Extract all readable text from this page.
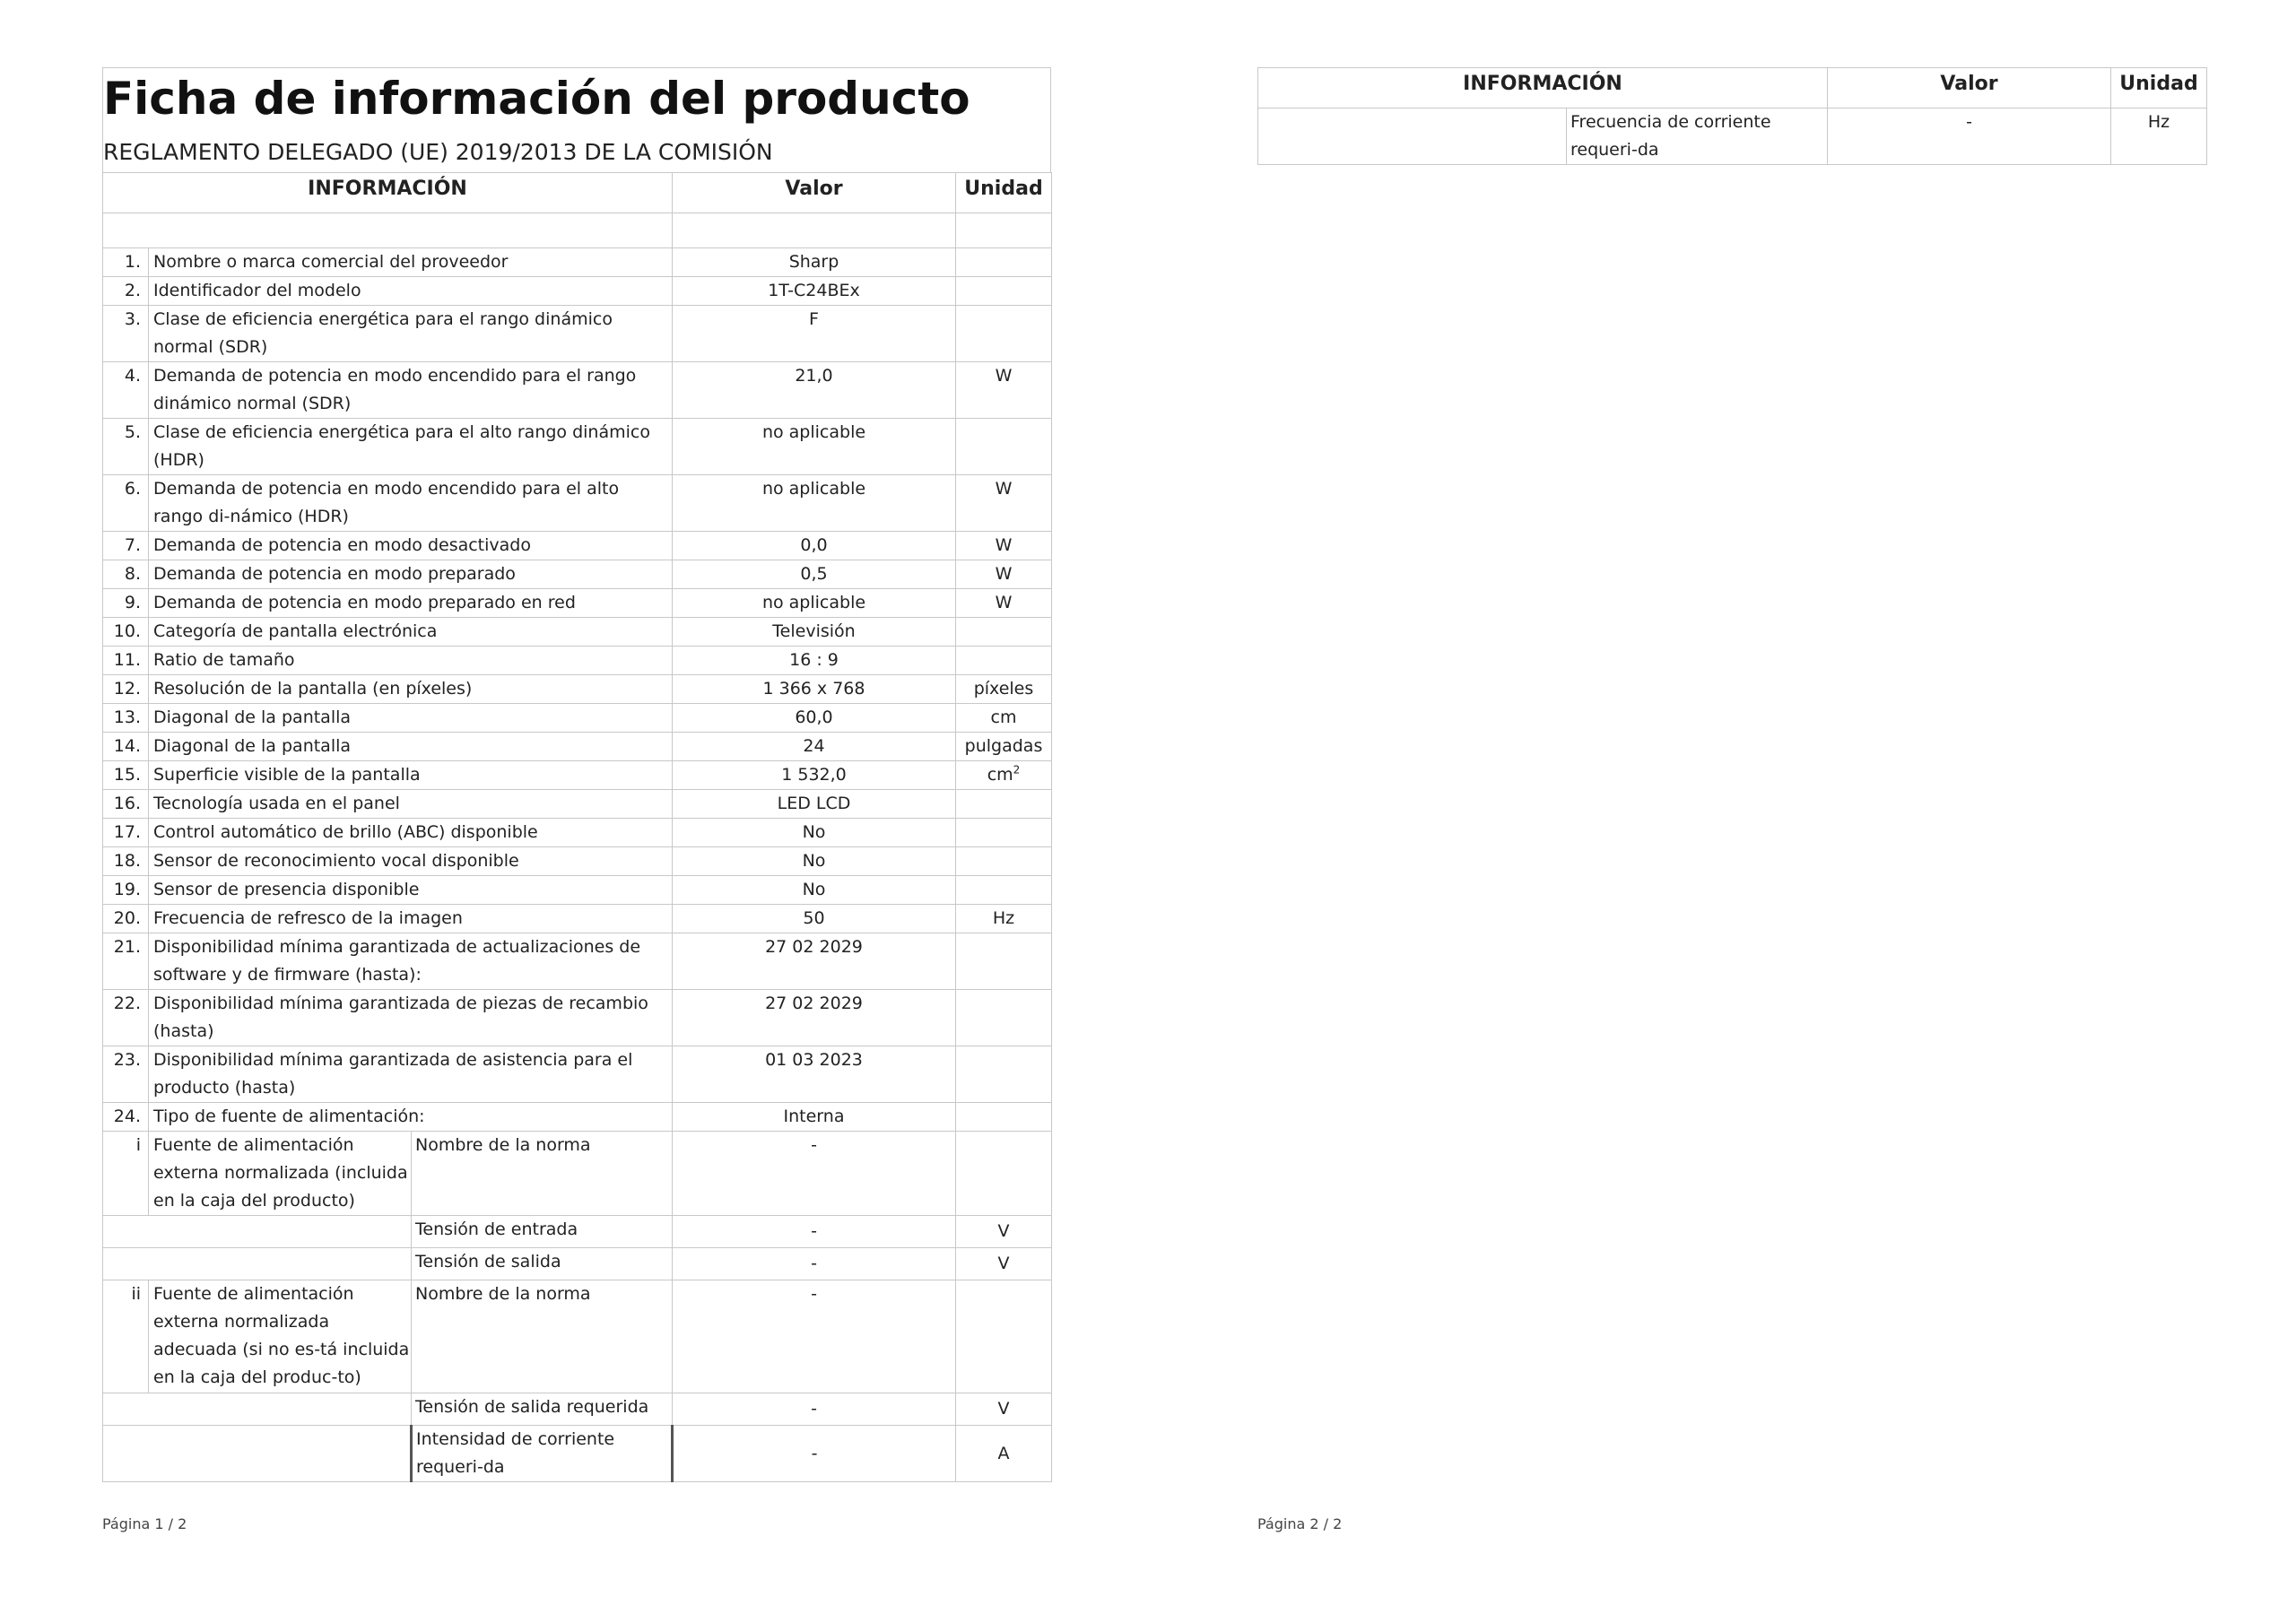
Ficha de información del producto

REGLAMENTO DELEGADO (UE) 2019/2013 DE LA COMISIÓN

INFORMACIÓN			Valor	Unidad

1.	Nombre o marca comercial del proveedor		Sharp	
2.	Identificador del modelo		1T-C24BEx	
3.	Clase de eficiencia energética para el rango dinámico normal (SDR)		F	
4.	Demanda de potencia en modo encendido para el rango dinámico normal (SDR)		21,0	W
5.	Clase de eficiencia energética para el alto rango dinámico (HDR)		no aplicable	
6.	Demanda de potencia en modo encendido para el alto rango di-námico (HDR)		no aplicable	W
7.	Demanda de potencia en modo desactivado		0,0	W
8.	Demanda de potencia en modo preparado		0,5	W
9.	Demanda de potencia en modo preparado en red		no aplicable	W
10.	Categoría de pantalla electrónica		Televisión	
11.	Ratio de tamaño		16 : 9	
12.	Resolución de la pantalla (en píxeles)		1 366 x 768	píxeles
13.	Diagonal de la pantalla		60,0	cm
14.	Diagonal de la pantalla		24	pulgadas
15.	Superficie visible de la pantalla		1 532,0	$cm^2$
16.	Tecnología usada en el panel		LED LCD	
17.	Control automático de brillo (ABC) disponible		No	
18.	Sensor de reconocimiento vocal disponible		No	
19.	Sensor de presencia disponible		No	
20.	Frecuencia de refresco de la imagen		50	Hz
21.	Disponibilidad mínima garantizada de actualizaciones de software y de firmware (hasta):		27 02 2029	
22.	Disponibilidad mínima garantizada de piezas de recambio (hasta)		27 02 2029	
23.	Disponibilidad mínima garantizada de asistencia para el producto (hasta)		01 03 2023	
24.	Tipo de fuente de alimentación:		Interna	
i	Fuente de alimentación externa normalizada (incluida en la caja del producto)	Nombre de la norma	-	
		Tensión de entrada	-	V
		Tensión de salida	-	V
ii	Fuente de alimentación externa normalizada adecuada (si no es-tá incluida en la caja del produc-to)	Nombre de la norma	-	
		Tensión de salida requerida	-	V
		Intensidad de corriente requeri-da	-	A
Página 1 / 2
INFORMACIÓN		Valor	Unidad
	Frecuencia de corriente requeri-da	-	Hz
Página 2 / 2
